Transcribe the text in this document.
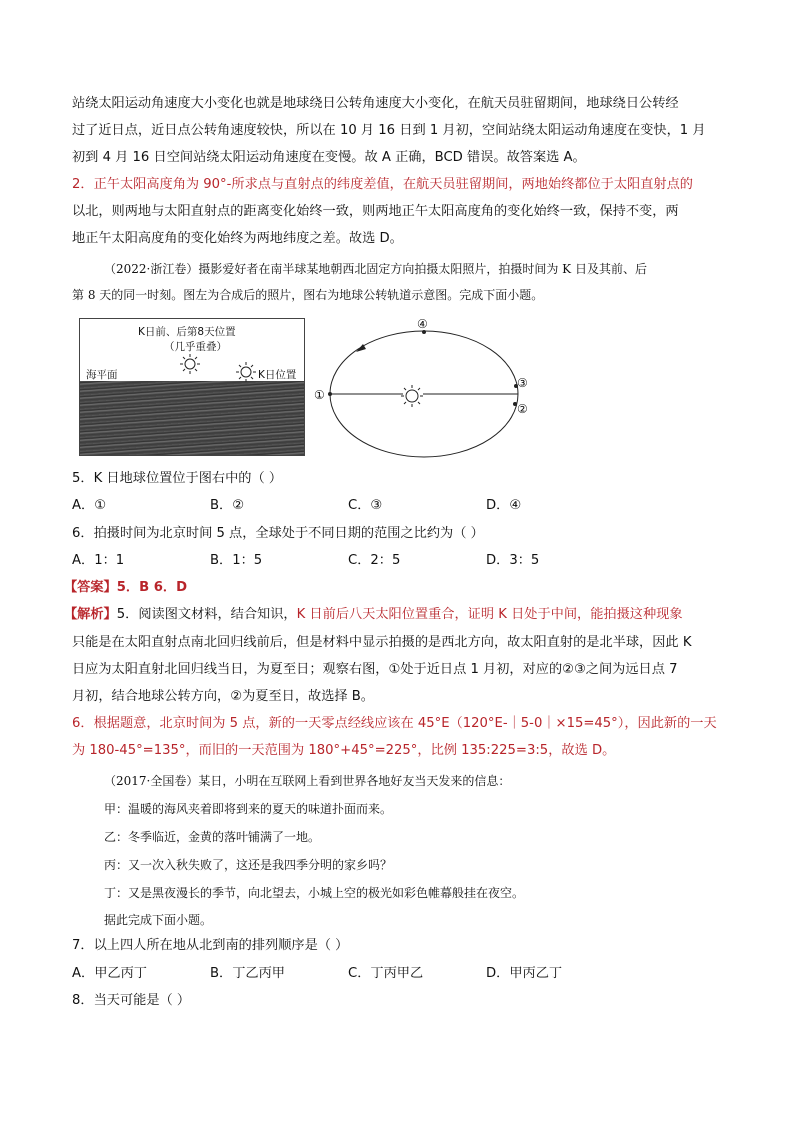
站绕太阳运动角速度大小变化也就是地球绕日公转角速度大小变化，在航天员驻留期间，地球绕日公转经
过了近日点，近日点公转角速度较快，所以在 10 月 16 日到 1 月初，空间站绕太阳运动角速度在变快，1 月
初到 4 月 16 日空间站绕太阳运动角速度在变慢。故 A 正确，BCD 错误。故答案选 A。
2．正午太阳高度角为 90°-所求点与直射点的纬度差值，在航天员驻留期间，两地始终都位于太阳直射点的
以北，则两地与太阳直射点的距离变化始终一致，则两地正午太阳高度角的变化始终一致，保持不变，两
地正午太阳高度角的变化始终为两地纬度之差。故选 D。
（2022·浙江卷）摄影爱好者在南半球某地朝西北固定方向拍摄太阳照片，拍摄时间为 K 日及其前、后
第 8 天的同一时刻。图左为合成后的照片，图右为地球公转轨道示意图。完成下面小题。
K日前、后第8天位置
（几乎重叠）
海平面	K日位置
①
②
③
④
5．K 日地球位置位于图右中的（ ）
A．①	B．②	C．③	D．④
6．拍摄时间为北京时间 5 点，全球处于不同日期的范围之比约为（ ）
A．1：1	B．1：5	C．2：5	D．3：5
【答案】5．B 6．D
【解析】5．阅读图文材料，结合知识，K 日前后八天太阳位置重合，证明 K 日处于中间，能拍摄这种现象
只能是在太阳直射点南北回归线前后，但是材料中显示拍摄的是西北方向，故太阳直射的是北半球，因此 K
日应为太阳直射北回归线当日，为夏至日；观察右图，①处于近日点 1 月初，对应的②③之间为远日点 7
月初，结合地球公转方向，②为夏至日，故选择 B。
6．根据题意，北京时间为 5 点，新的一天零点经线应该在 45°E（120°E-｜5-0｜×15=45°），因此新的一天
为 180-45°=135°，而旧的一天范围为 180°+45°=225°，比例 135:225=3:5，故选 D。
（2017·全国卷）某日，小明在互联网上看到世界各地好友当天发来的信息：
甲：温暖的海风夹着即将到来的夏天的味道扑面而来。
乙：冬季临近，金黄的落叶铺满了一地。
丙：又一次入秋失败了，这还是我四季分明的家乡吗？
丁：又是黑夜漫长的季节，向北望去，小城上空的极光如彩色帷幕般挂在夜空。
据此完成下面小题。
7．以上四人所在地从北到南的排列顺序是（ ）
A．甲乙丙丁	B．丁乙丙甲	C．丁丙甲乙	D．甲丙乙丁
8．当天可能是（ ）
